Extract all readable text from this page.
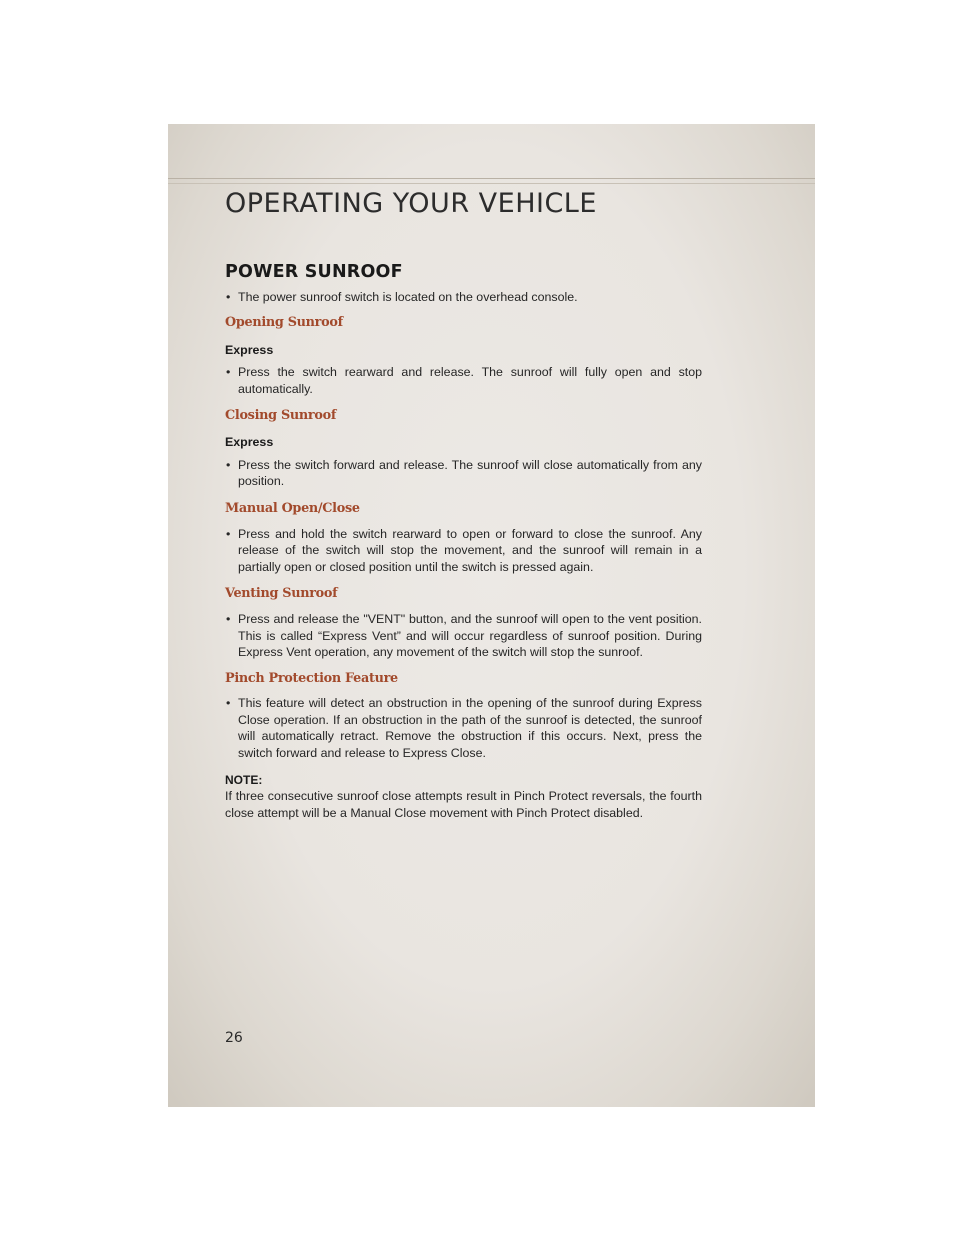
OPERATING YOUR VEHICLE
POWER SUNROOF
• The power sunroof switch is located on the overhead console.
Opening Sunroof
Express
• Press the switch rearward and release. The sunroof will fully open and stop automatically.
Closing Sunroof
Express
• Press the switch forward and release. The sunroof will close automatically from any position.
Manual Open/Close
• Press and hold the switch rearward to open or forward to close the sunroof. Any release of the switch will stop the movement, and the sunroof will remain in a partially open or closed position until the switch is pressed again.
Venting Sunroof
• Press and release the "VENT" button, and the sunroof will open to the vent position. This is called “Express Vent” and will occur regardless of sunroof position. During Express Vent operation, any movement of the switch will stop the sunroof.
Pinch Protection Feature
• This feature will detect an obstruction in the opening of the sunroof during Express Close operation. If an obstruction in the path of the sunroof is detected, the sunroof will automatically retract. Remove the obstruction if this occurs. Next, press the switch forward and release to Express Close.
NOTE:

If three consecutive sunroof close attempts result in Pinch Protect reversals, the fourth close attempt will be a Manual Close movement with Pinch Protect disabled.

26
